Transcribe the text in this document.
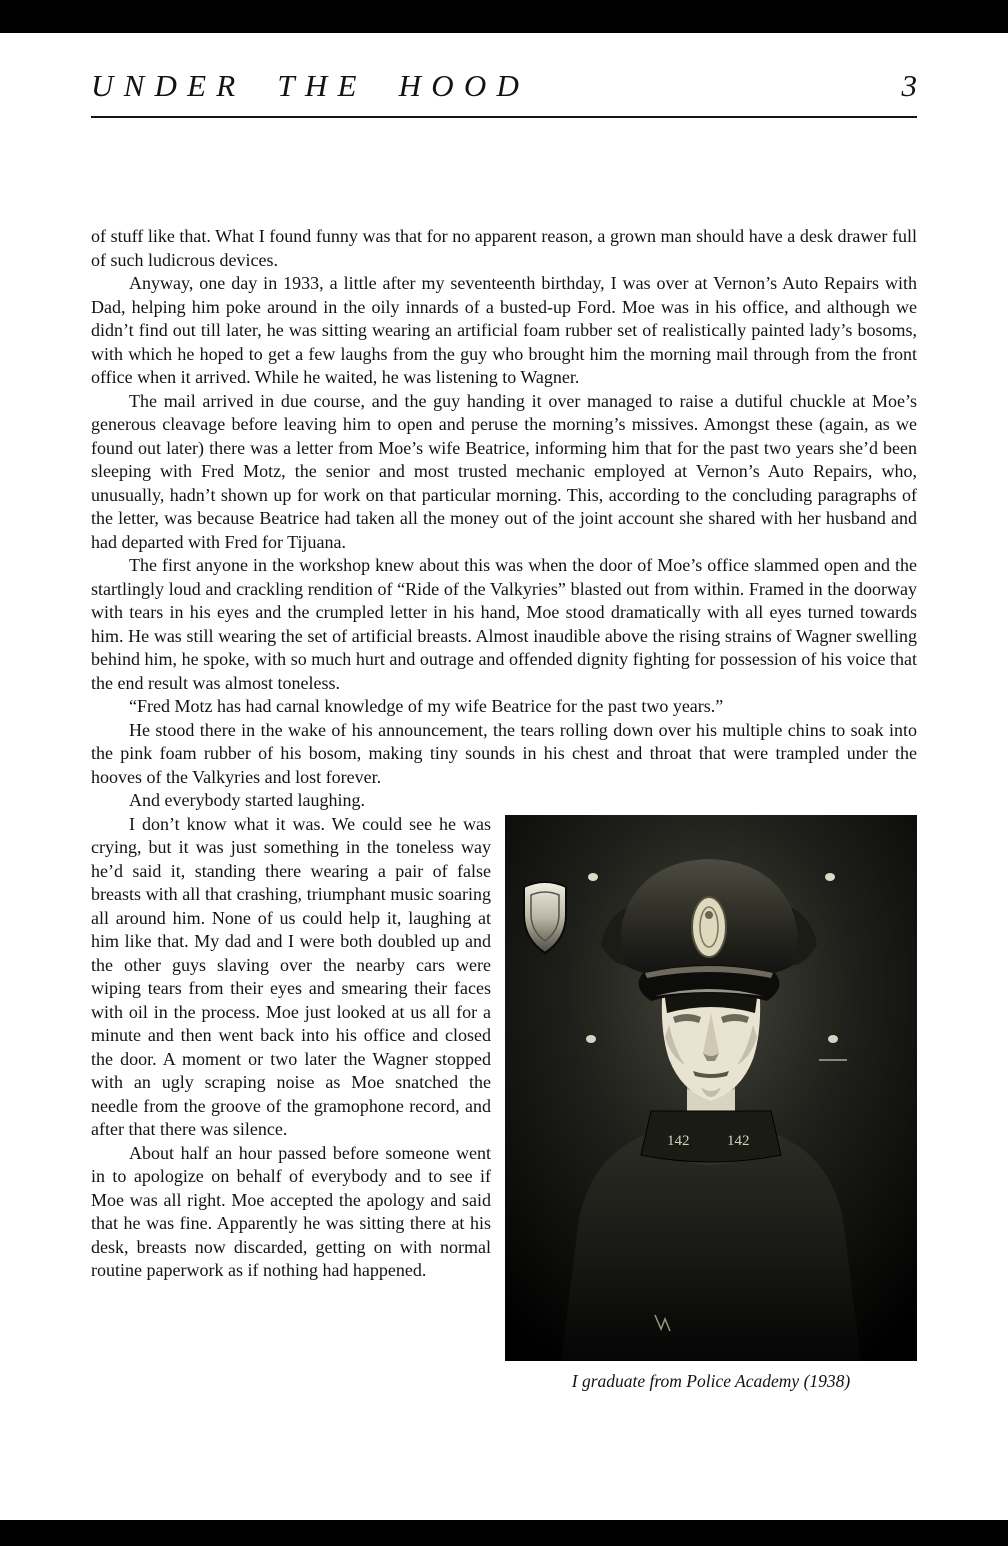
UNDER THE HOOD	3

of stuff like that. What I found funny was that for no apparent reason, a grown man should have a desk drawer full of such ludicrous devices.

Anyway, one day in 1933, a little after my seventeenth birthday, I was over at Vernon’s Auto Repairs with Dad, helping him poke around in the oily innards of a busted-up Ford. Moe was in his office, and although we didn’t find out till later, he was sitting wearing an artificial foam rubber set of realistically painted lady’s bosoms, with which he hoped to get a few laughs from the guy who brought him the morning mail through from the front office when it arrived. While he waited, he was listening to Wagner.

The mail arrived in due course, and the guy handing it over managed to raise a dutiful chuckle at Moe’s generous cleavage before leaving him to open and peruse the morning’s missives. Amongst these (again, as we found out later) there was a letter from Moe’s wife Beatrice, informing him that for the past two years she’d been sleeping with Fred Motz, the senior and most trusted mechanic employed at Vernon’s Auto Repairs, who, unusually, hadn’t shown up for work on that particular morning. This, according to the concluding paragraphs of the letter, was because Beatrice had taken all the money out of the joint account she shared with her husband and had departed with Fred for Tijuana.

The first anyone in the workshop knew about this was when the door of Moe’s office slammed open and the startlingly loud and crackling rendition of “Ride of the Valkyries” blasted out from within. Framed in the doorway with tears in his eyes and the crumpled letter in his hand, Moe stood dramatically with all eyes turned towards him. He was still wearing the set of artificial breasts. Almost inaudible above the rising strains of Wagner swelling behind him, he spoke, with so much hurt and outrage and offended dignity fighting for possession of his voice that the end result was almost toneless.

“Fred Motz has had carnal knowledge of my wife Beatrice for the past two years.”

He stood there in the wake of his announcement, the tears rolling down over his multiple chins to soak into the pink foam rubber of his bosom, making tiny sounds in his chest and throat that were trampled under the hooves of the Valkyries and lost forever.

And everybody started laughing.

142	142
I graduate from Police Academy (1938)

I don’t know what it was. We could see he was crying, but it was just something in the toneless way he’d said it, standing there wearing a pair of false breasts with all that crashing, triumphant music soaring all around him. None of us could help it, laughing at him like that. My dad and I were both doubled up and the other guys slaving over the nearby cars were wiping tears from their eyes and smearing their faces with oil in the process. Moe just looked at us all for a minute and then went back into his office and closed the door. A moment or two later the Wagner stopped with an ugly scraping noise as Moe snatched the needle from the groove of the gramophone record, and after that there was silence.

About half an hour passed before someone went in to apologize on behalf of everybody and to see if Moe was all right. Moe accepted the apology and said that he was fine. Apparently he was sitting there at his desk, breasts now discarded, getting on with normal routine paperwork as if nothing had happened.
